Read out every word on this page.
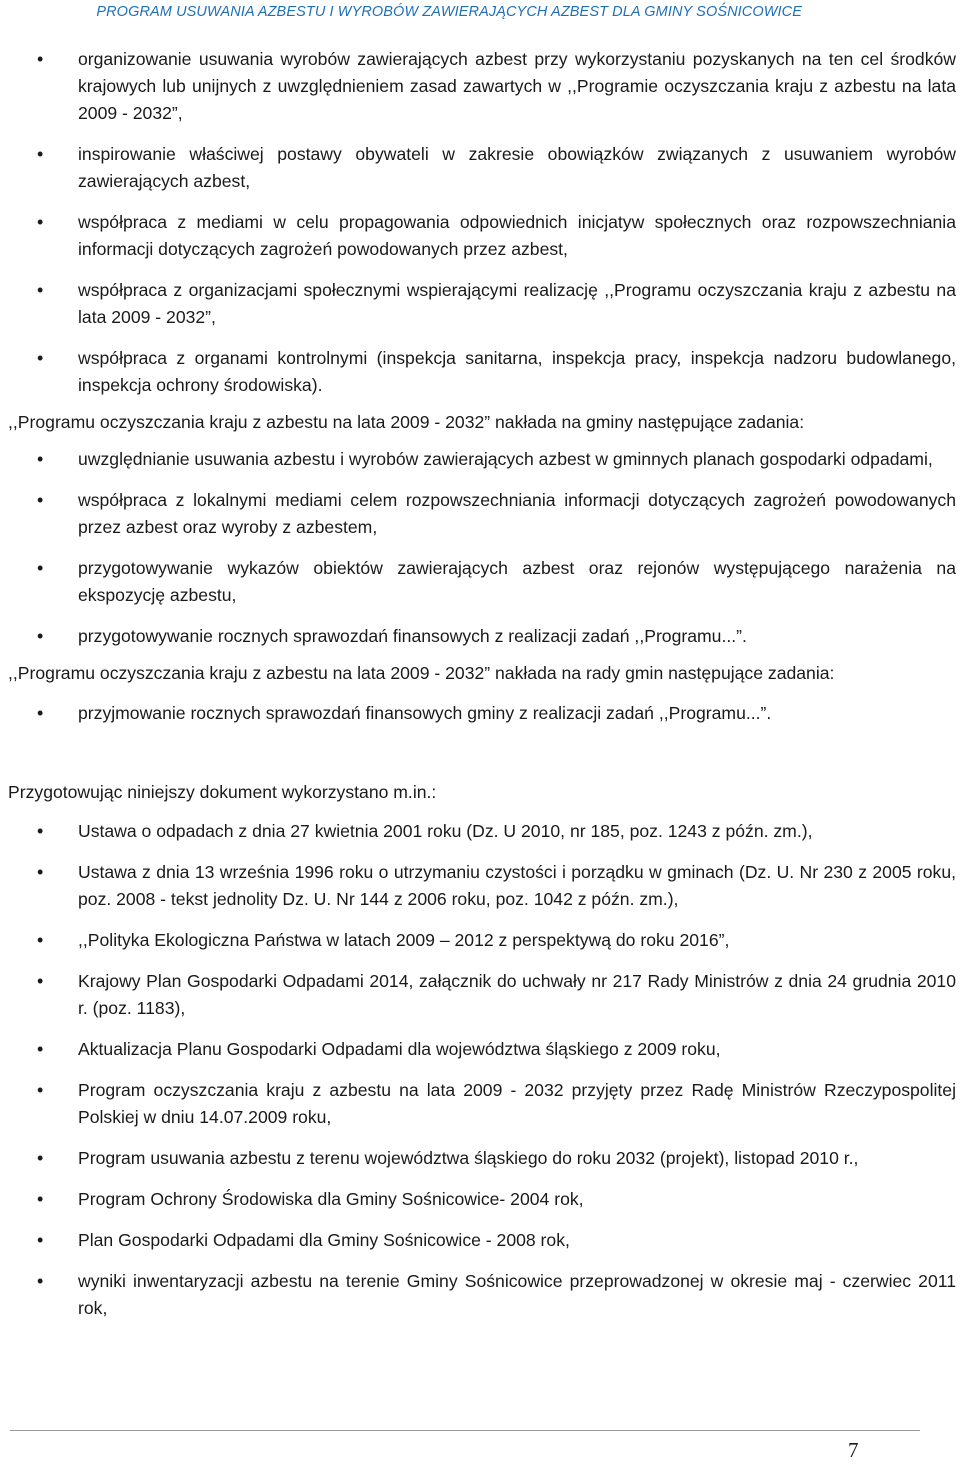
PROGRAM USUWANIA AZBESTU I WYROBÓW ZAWIERAJĄCYCH AZBEST DLA GMINY SOŚNICOWICE
• organizowanie usuwania wyrobów zawierających azbest przy wykorzystaniu pozyskanych na ten cel środków krajowych lub unijnych z uwzględnieniem zasad zawartych w ,,Programie oczyszczania kraju z azbestu na lata 2009 - 2032”,
• inspirowanie właściwej postawy obywateli w zakresie obowiązków związanych z usuwaniem wyrobów zawierających azbest,
• współpraca z mediami w celu propagowania odpowiednich inicjatyw społecznych oraz rozpowszechniania informacji dotyczących zagrożeń powodowanych przez azbest,
• współpraca z organizacjami społecznymi wspierającymi realizację ,,Programu oczyszczania kraju z azbestu na lata 2009 - 2032”,
• współpraca z organami kontrolnymi (inspekcja sanitarna, inspekcja pracy, inspekcja nadzoru budowlanego, inspekcja ochrony środowiska).

,,Programu oczyszczania kraju z azbestu na lata 2009 - 2032” nakłada na gminy następujące zadania:

• uwzględnianie usuwania azbestu i wyrobów zawierających azbest w gminnych planach gospodarki odpadami,
• współpraca z lokalnymi mediami celem rozpowszechniania informacji dotyczących zagrożeń powodowanych przez azbest oraz wyroby z azbestem,
• przygotowywanie wykazów obiektów zawierających azbest oraz rejonów występującego narażenia na ekspozycję azbestu,
• przygotowywanie rocznych sprawozdań finansowych z realizacji zadań ,,Programu...”.

,,Programu oczyszczania kraju z azbestu na lata 2009 - 2032” nakłada na rady gmin następujące zadania:

• przyjmowanie rocznych sprawozdań finansowych gminy z realizacji zadań ,,Programu...”.

Przygotowując niniejszy dokument wykorzystano m.in.:

• Ustawa o odpadach z dnia 27 kwietnia 2001 roku (Dz. U 2010, nr 185, poz. 1243 z późn. zm.),
• Ustawa z dnia 13 września 1996 roku o utrzymaniu czystości i porządku w gminach (Dz. U. Nr 230 z 2005 roku, poz. 2008 - tekst jednolity Dz. U. Nr 144 z 2006 roku, poz. 1042 z późn. zm.),
• ,,Polityka Ekologiczna Państwa w latach 2009 – 2012 z perspektywą do roku 2016”,
• Krajowy Plan Gospodarki Odpadami 2014, załącznik do uchwały nr 217 Rady Ministrów z dnia 24 grudnia 2010 r. (poz. 1183),
• Aktualizacja Planu Gospodarki Odpadami dla województwa śląskiego z 2009 roku,
• Program oczyszczania kraju z azbestu na lata 2009 - 2032 przyjęty przez Radę Ministrów Rzeczypospolitej Polskiej w dniu 14.07.2009 roku,
• Program usuwania azbestu z terenu województwa śląskiego do roku 2032 (projekt), listopad 2010 r.,
• Program Ochrony Środowiska dla Gminy Sośnicowice- 2004 rok,
• Plan Gospodarki Odpadami dla Gminy Sośnicowice - 2008 rok,
• wyniki inwentaryzacji azbestu na terenie Gminy Sośnicowice przeprowadzonej w okresie maj - czerwiec 2011 rok,
7
